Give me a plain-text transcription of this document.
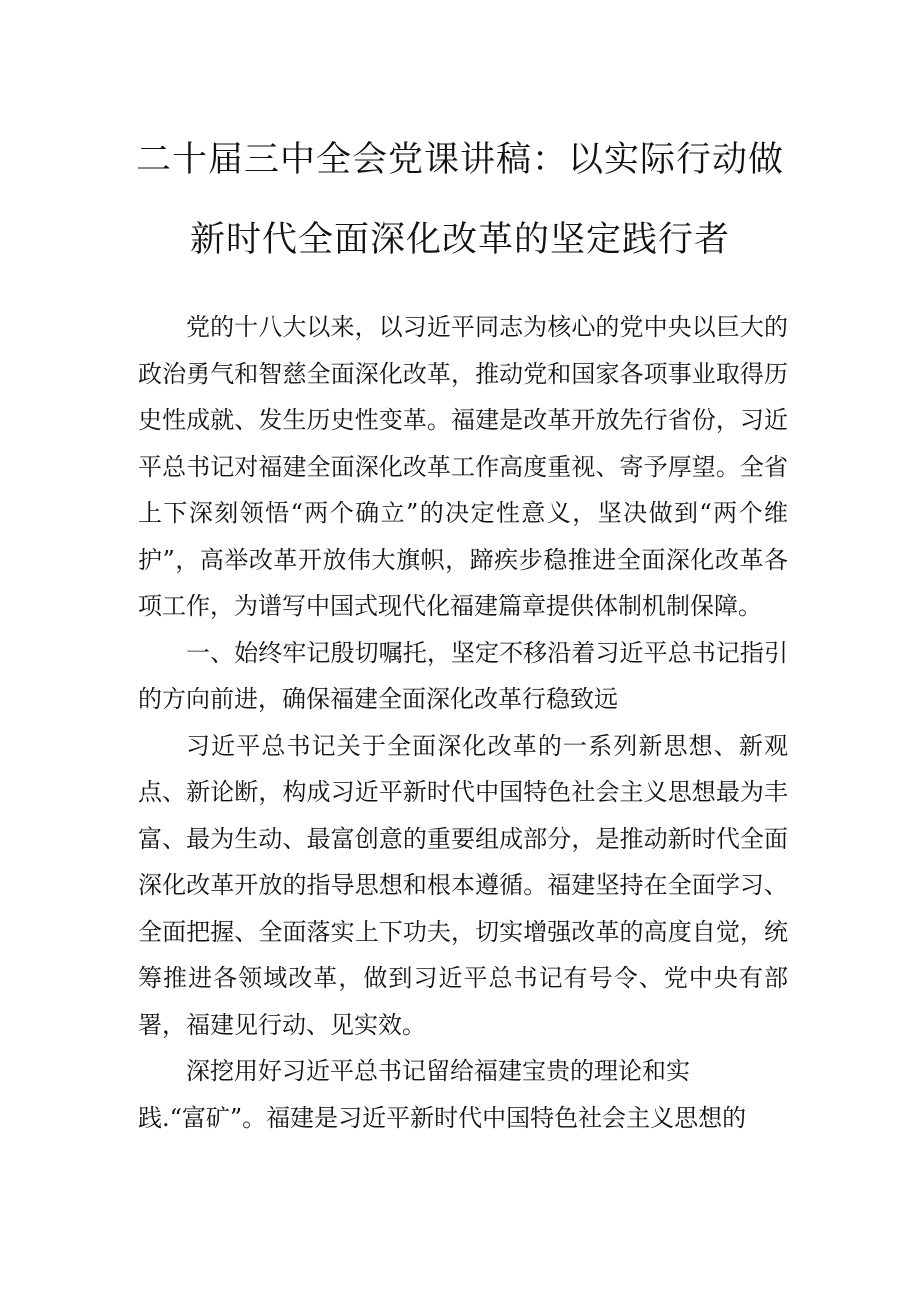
二十届三中全会党课讲稿：以实际行动做
新时代全面深化改革的坚定践行者

党的十八大以来，以习近平同志为核心的党中央以巨大的政治勇气和智慈全面深化改革，推动党和国家各项事业取得历史性成就、发生历史性变革。福建是改革开放先行省份，习近平总书记对福建全面深化改革工作高度重视、寄予厚望。全省上下深刻领悟“两个确立”的决定性意义，坚决做到“两个维护”，高举改革开放伟大旗帜，蹄疾步稳推进全面深化改革各项工作，为谱写中国式现代化福建篇章提供体制机制保障。

一、始终牢记殷切嘱托，坚定不移沿着习近平总书记指引的方向前进，确保福建全面深化改革行稳致远

习近平总书记关于全面深化改革的一系列新思想、新观点、新论断，构成习近平新时代中国特色社会主义思想最为丰富、最为生动、最富创意的重要组成部分，是推动新时代全面深化改革开放的指导思想和根本遵循。福建坚持在全面学习、全面把握、全面落实上下功夫，切实增强改革的高度自觉，统筹推进各领域改革，做到习近平总书记有号令、党中央有部署，福建见行动、见实效。

深挖用好习近平总书记留给福建宝贵的理论和实
践.“富矿”。福建是习近平新时代中国特色社会主义思想的
